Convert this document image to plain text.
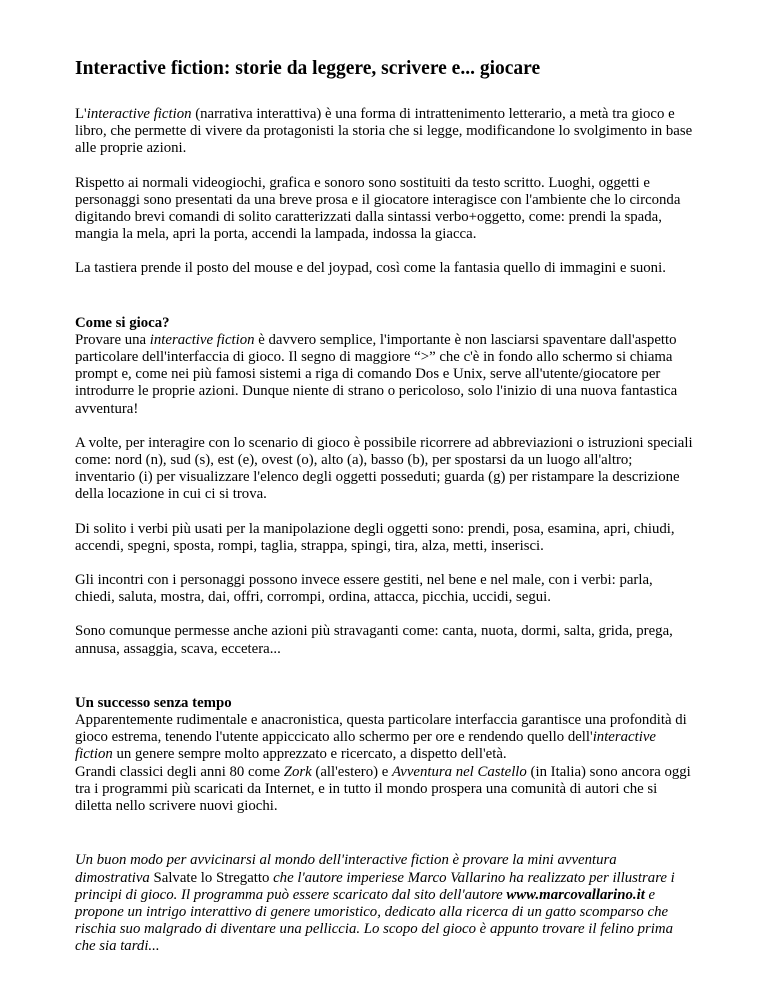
Interactive fiction: storie da leggere, scrivere e... giocare

L'interactive fiction (narrativa interattiva) è una forma di intrattenimento letterario, a metà tra gioco e libro, che permette di vivere da protagonisti la storia che si legge, modificandone lo svolgimento in base alle proprie azioni.

Rispetto ai normali videogiochi, grafica e sonoro sono sostituiti da testo scritto. Luoghi, oggetti e personaggi sono presentati da una breve prosa e il giocatore interagisce con l'ambiente che lo circonda digitando brevi comandi di solito caratterizzati dalla sintassi verbo+oggetto, come: prendi la spada, mangia la mela, apri la porta, accendi la lampada, indossa la giacca.

La tastiera prende il posto del mouse e del joypad, così come la fantasia quello di immagini e suoni.

Come si gioca?
Provare una interactive fiction è davvero semplice, l'importante è non lasciarsi spaventare dall'aspetto particolare dell'interfaccia di gioco. Il segno di maggiore “>” che c'è in fondo allo schermo si chiama prompt e, come nei più famosi sistemi a riga di comando Dos e Unix, serve all'utente/giocatore per introdurre le proprie azioni. Dunque niente di strano o pericoloso, solo l'inizio di una nuova fantastica avventura!

A volte, per interagire con lo scenario di gioco è possibile ricorrere ad abbreviazioni o istruzioni speciali come: nord (n), sud (s), est (e), ovest (o), alto (a), basso (b), per spostarsi da un luogo all'altro; inventario (i) per visualizzare l'elenco degli oggetti posseduti; guarda (g) per ristampare la descrizione della locazione in cui ci si trova.

Di solito i verbi più usati per la manipolazione degli oggetti sono: prendi, posa, esamina, apri, chiudi, accendi, spegni, sposta, rompi, taglia, strappa, spingi, tira, alza, metti, inserisci.

Gli incontri con i personaggi possono invece essere gestiti, nel bene e nel male, con i verbi: parla, chiedi, saluta, mostra, dai, offri, corrompi, ordina, attacca, picchia, uccidi, segui.

Sono comunque permesse anche azioni più stravaganti come: canta, nuota, dormi, salta, grida, prega, annusa, assaggia, scava, eccetera...

Un successo senza tempo
Apparentemente rudimentale e anacronistica, questa particolare interfaccia garantisce una profondità di gioco estrema, tenendo l'utente appiccicato allo schermo per ore e rendendo quello dell'interactive fiction un genere sempre molto apprezzato e ricercato, a dispetto dell'età.
Grandi classici degli anni 80 come Zork (all'estero) e Avventura nel Castello (in Italia) sono ancora oggi tra i programmi più scaricati da Internet, e in tutto il mondo prospera una comunità di autori che si diletta nello scrivere nuovi giochi.

Un buon modo per avvicinarsi al mondo dell'interactive fiction è provare la mini avventura dimostrativa Salvate lo Stregatto che l'autore imperiese Marco Vallarino ha realizzato per illustrare i principi di gioco. Il programma può essere scaricato dal sito dell'autore www.marcovallarino.it e propone un intrigo interattivo di genere umoristico, dedicato alla ricerca di un gatto scomparso che rischia suo malgrado di diventare una pelliccia. Lo scopo del gioco è appunto trovare il felino prima che sia tardi...
